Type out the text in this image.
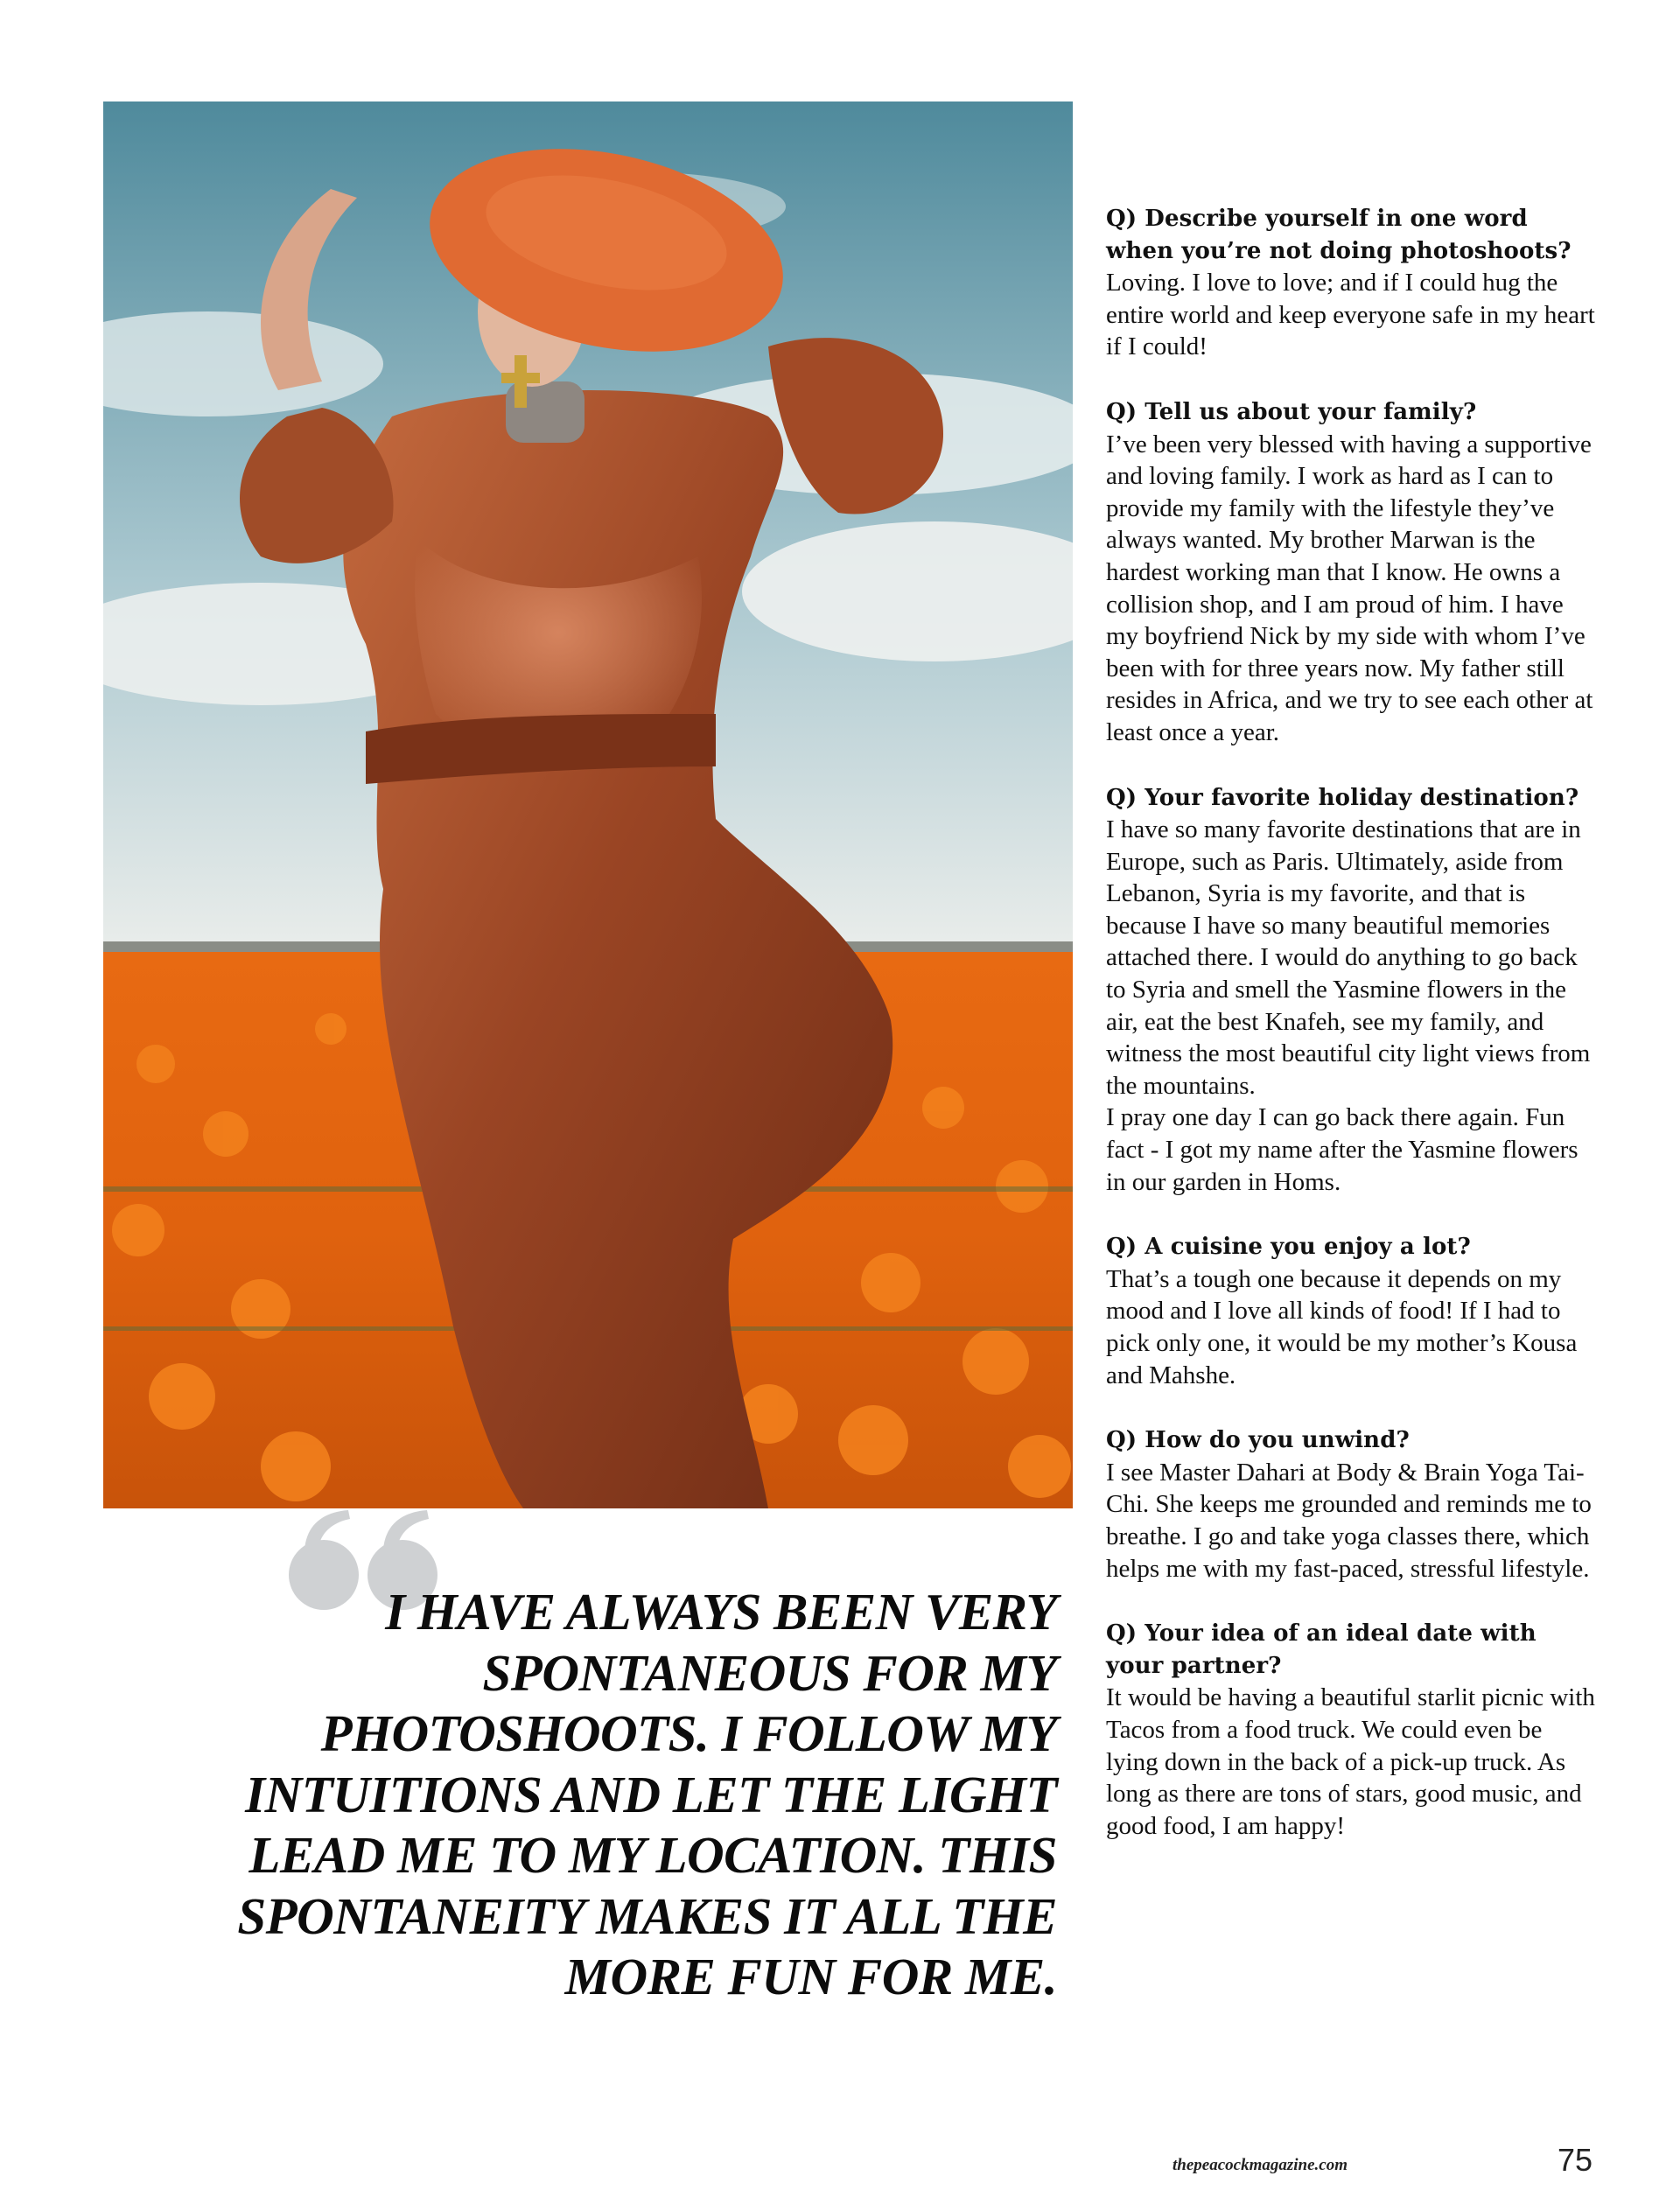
Q) Describe yourself in one word when you’re not doing photoshoots?

Loving. I love to love; and if I could hug the entire world and keep everyone safe in my heart if I could!

Q) Tell us about your family?

I’ve been very blessed with having a supportive and loving family. I work as hard as I can to provide my family with the lifestyle they’ve always wanted. My brother Marwan is the hardest working man that I know. He owns a collision shop, and I am proud of him. I have my boyfriend Nick by my side with whom I’ve been with for three years now. My father still resides in Africa, and we try to see each other at least once a year.

Q) Your favorite holiday destination?

I have so many favorite destinations that are in Europe, such as Paris. Ultimately, aside from Lebanon, Syria is my favorite, and that is because I have so many beautiful memories attached there. I would do anything to go back to Syria and smell the Yasmine flowers in the air, eat the best Knafeh, see my family, and witness the most beautiful city light views from the mountains.
I pray one day I can go back there again. Fun fact - I got my name after the Yasmine flowers in our garden in Homs.

Q) A cuisine you enjoy a lot?

That’s a tough one because it depends on my mood and I love all kinds of food! If I had to pick only one, it would be my mother’s Kousa and Mahshe.

Q) How do you unwind?

I see Master Dahari at Body & Brain Yoga Tai-Chi. She keeps me grounded and reminds me to breathe. I go and take yoga classes there, which helps me with my fast-paced, stressful lifestyle.

Q) Your idea of an ideal date with your partner?

It would be having a beautiful starlit picnic with Tacos from a food truck. We could even be lying down in the back of a pick-up truck. As long as there are tons of stars, good music, and good food, I am happy!

I HAVE ALWAYS BEEN VERY SPONTANEOUS FOR MY PHOTOSHOOTS. I FOLLOW MY INTUITIONS AND LET THE LIGHT LEAD ME TO MY LOCATION. THIS SPONTANEITY MAKES IT ALL THE MORE FUN FOR ME.
thepeacockmagazine.com	75
